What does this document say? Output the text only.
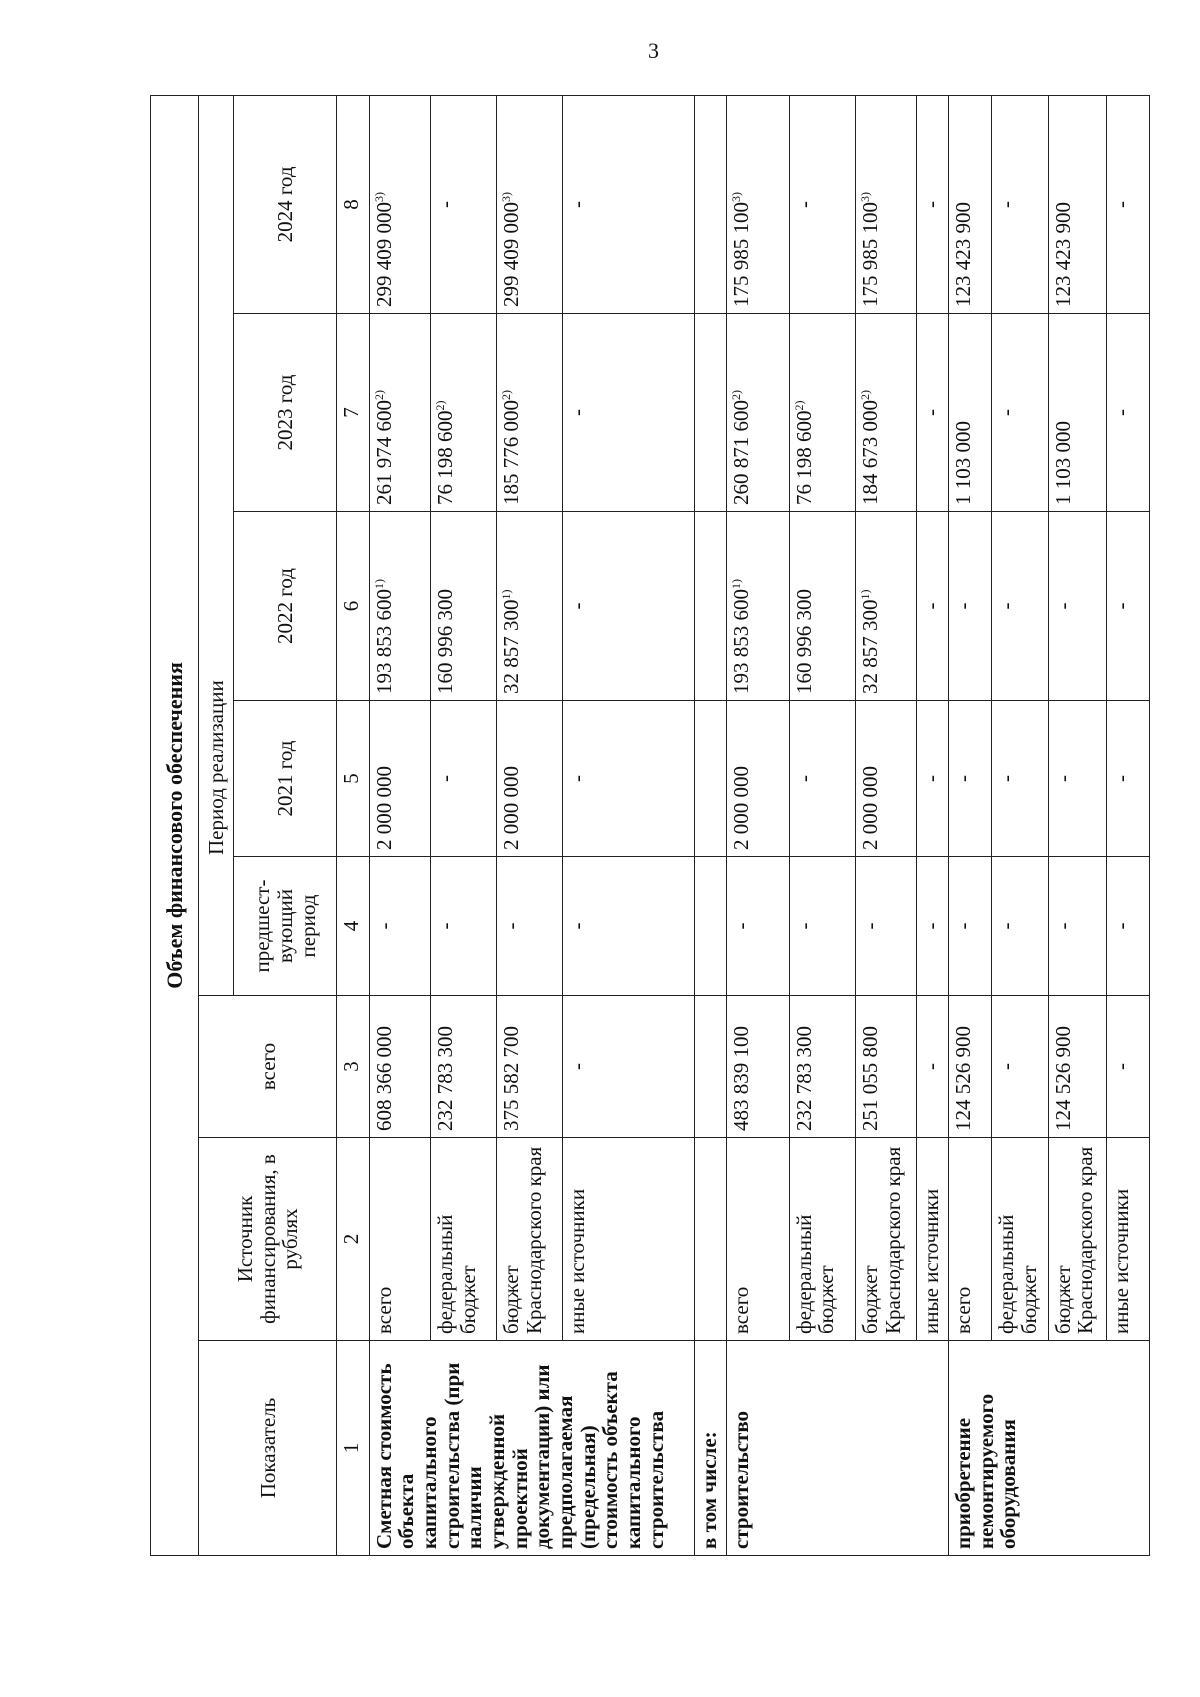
3
Объем финансового обеспечения							
Показатель	Источник финансирования, в рублях	всего	Период реализации				
			предшест-вующий период	2021 год	2022 год	2023 год	2024 год
1	2	3	4	5	6	7	8
Сметная стоимость объекта капитального строительства (при наличии утвержденной проектной документации) или предполагаемая (предельная) стоимость объекта капитального строительства	всего	608 366 000	-	2 000 000	193 853 600$^{1)}$	261 974 600$^{2)}$	299 409 000$^{3)}$
	федеральный бюджет	232 783 300	-	-	160 996 300	76 198 600$^{2)}$	-
	бюджет Краснодарского края	375 582 700	-	2 000 000	32 857 300$^{1)}$	185 776 000$^{2)}$	299 409 000$^{3)}$
	иные источники	-	-	-	-	-	-
в том числе:							
строительство	всего	483 839 100	-	2 000 000	193 853 600$^{1)}$	260 871 600$^{2)}$	175 985 100$^{3)}$
	федеральный бюджет	232 783 300	-	-	160 996 300	76 198 600$^{2)}$	-
	бюджет Краснодарского края	251 055 800	-	2 000 000	32 857 300$^{1)}$	184 673 000$^{2)}$	175 985 100$^{3)}$
	иные источники	-	-	-	-	-	-
приобретение немонтируемого оборудования	всего	124 526 900	-	-	-	1 103 000	123 423 900
	федеральный бюджет	-	-	-	-	-	-
	бюджет Краснодарского края	124 526 900	-	-	-	1 103 000	123 423 900
	иные источники	-	-	-	-	-	-
